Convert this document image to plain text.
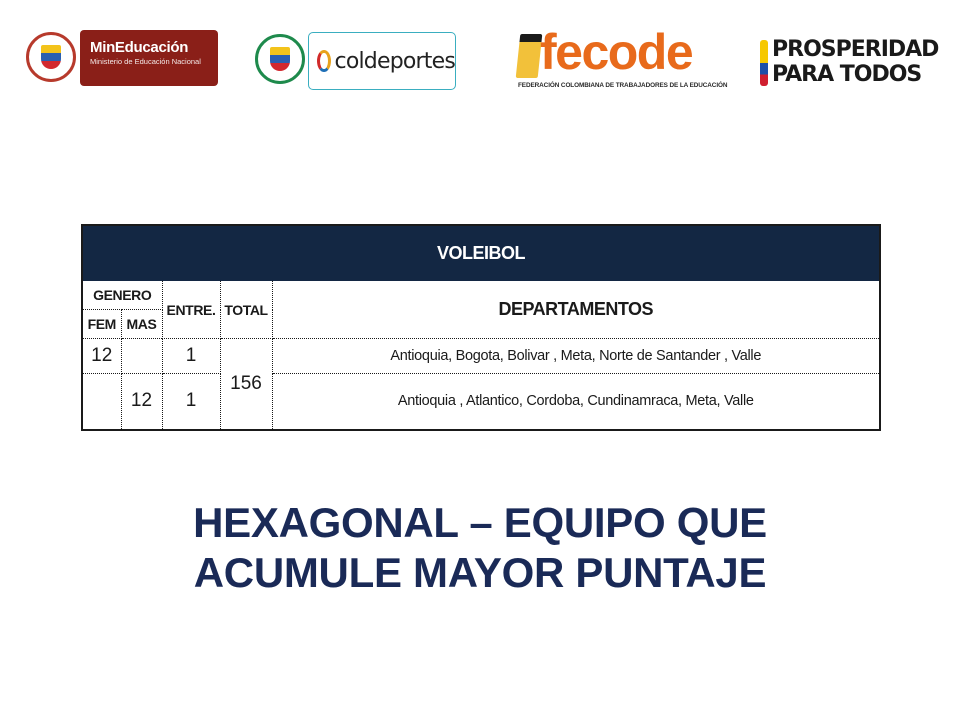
MinEducación
Ministerio de Educación Nacional	coldeportes fecode
FEDERACIÓN COLOMBIANA DE TRABAJADORES DE LA EDUCACIÓN
PROSPERIDAD
PARA TODOS
VOLEIBOL				
GENERO		ENTRE.	TOTAL	DEPARTAMENTOS
FEM	MAS			
12		1	156	Antioquia, Bogota, Bolivar , Meta, Norte de Santander , Valle
	12	1		Antioquia , Atlantico, Cordoba, Cundinamraca, Meta, Valle
HEXAGONAL – EQUIPO QUE
ACUMULE MAYOR PUNTAJE
